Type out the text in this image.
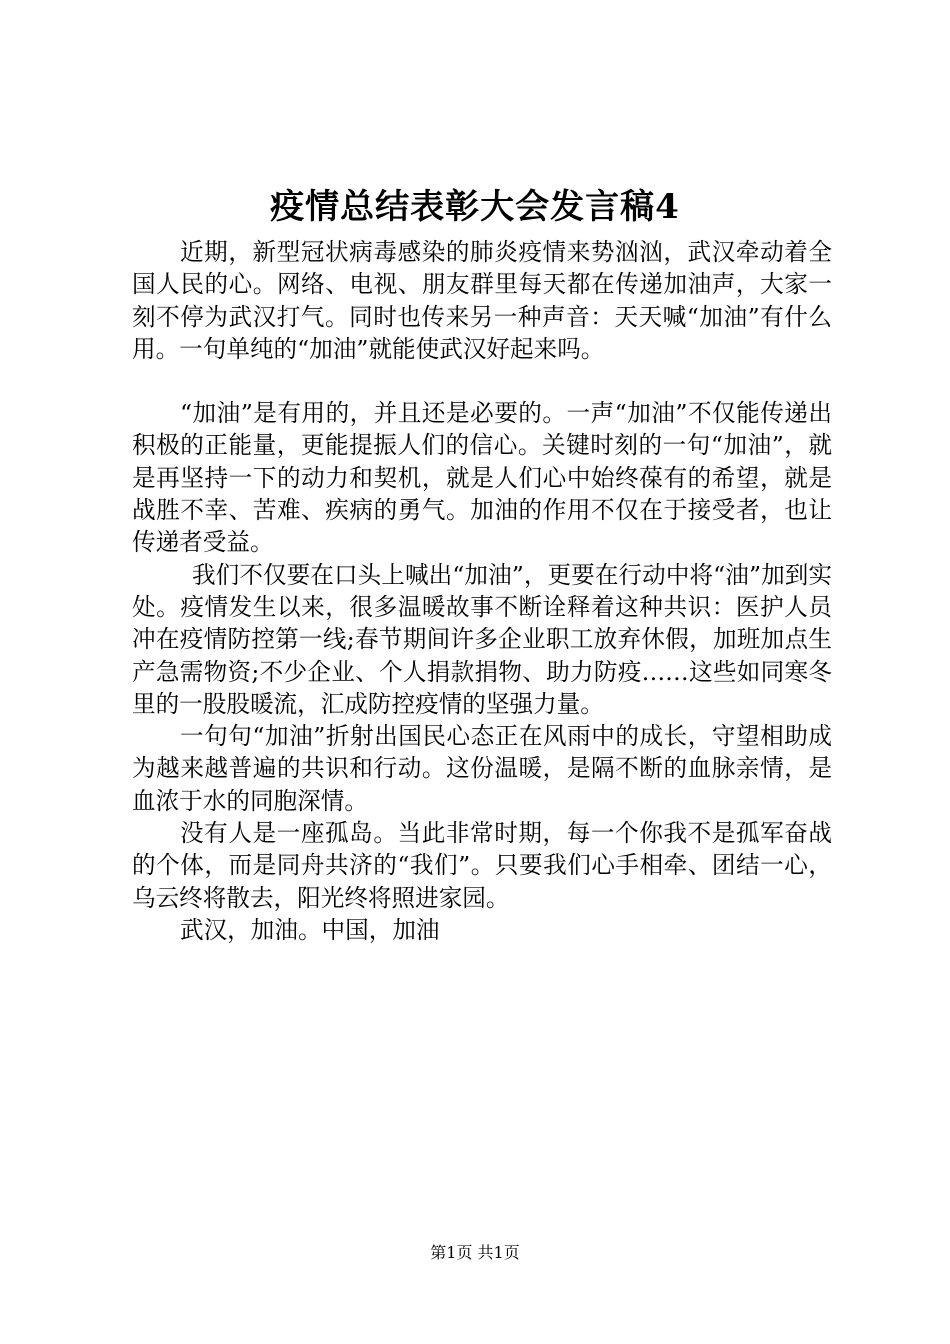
疫情总结表彰大会发言稿4

近期，新型冠状病毒感染的肺炎疫情来势汹汹，武汉牵动着全国人民的心。网络、电视、朋友群里每天都在传递加油声，大家一刻不停为武汉打气。同时也传来另一种声音：天天喊“加油”有什么用。一句单纯的“加油”就能使武汉好起来吗。

“加油”是有用的，并且还是必要的。一声“加油”不仅能传递出积极的正能量，更能提振人们的信心。关键时刻的一句“加油”，就是再坚持一下的动力和契机，就是人们心中始终葆有的希望，就是战胜不幸、苦难、疾病的勇气。加油的作用不仅在于接受者，也让传递者受益。

我们不仅要在口头上喊出“加油”，更要在行动中将“油”加到实处。疫情发生以来，很多温暖故事不断诠释着这种共识：医护人员冲在疫情防控第一线;春节期间许多企业职工放弃休假，加班加点生产急需物资;不少企业、个人捐款捐物、助力防疫……这些如同寒冬里的一股股暖流，汇成防控疫情的坚强力量。

一句句“加油”折射出国民心态正在风雨中的成长，守望相助成为越来越普遍的共识和行动。这份温暖，是隔不断的血脉亲情，是血浓于水的同胞深情。

没有人是一座孤岛。当此非常时期，每一个你我不是孤军奋战的个体，而是同舟共济的“我们”。只要我们心手相牵、团结一心，乌云终将散去，阳光终将照进家园。

武汉，加油。中国，加油

第1页 共1页
